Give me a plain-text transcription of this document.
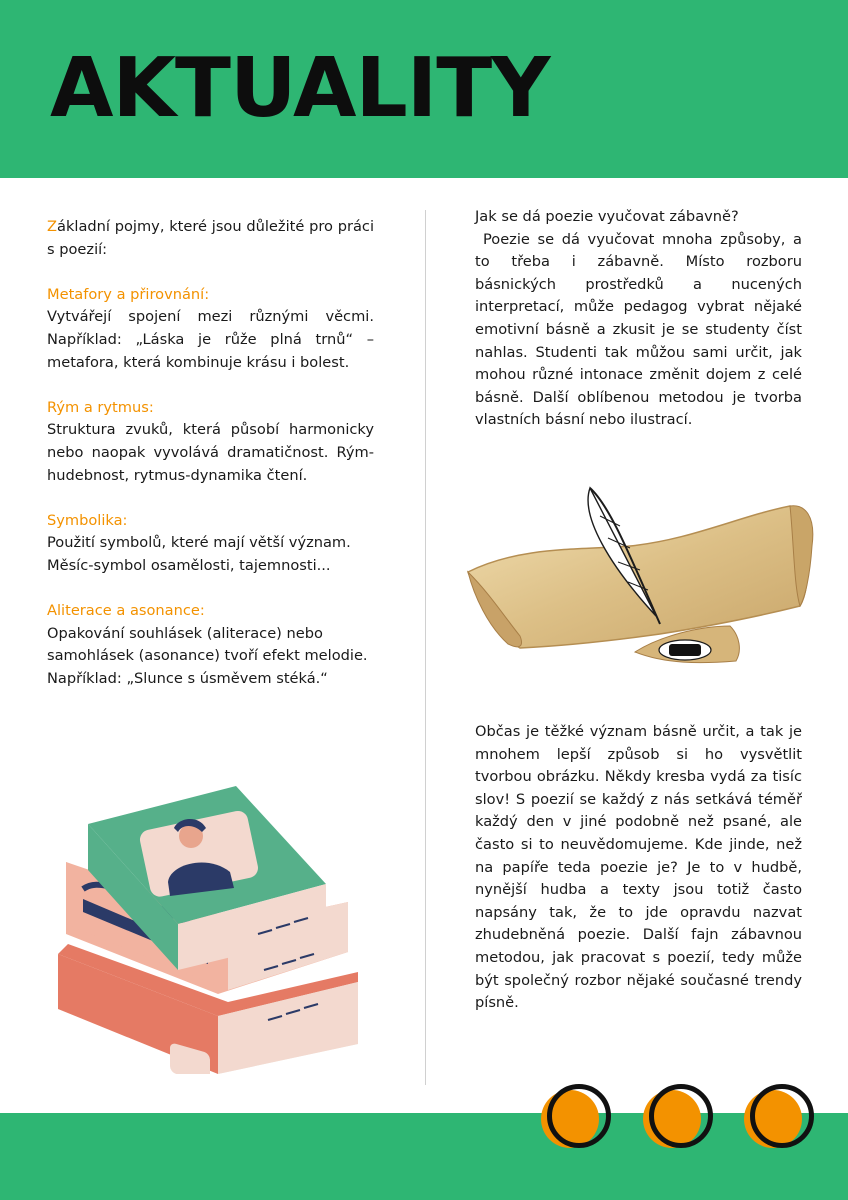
AKTUALITY

Základní pojmy, které jsou důležité pro práci s poezií:

Metafory a přirovnání:

Vytvářejí spojení mezi různými věcmi. Například: „Láska je růže plná trnů“ – metafora, která kombinuje krásu i bolest.

Rým a rytmus:

Struktura zvuků, která působí harmonicky nebo naopak vyvolává dramatičnost. Rým-hudebnost, rytmus-dynamika čtení.

Symbolika:

Použití symbolů, které mají větší význam.

Měsíc-symbol osamělosti, tajemnosti...

Aliterace a asonance:

Opakování souhlásek (aliterace) nebo samohlásek (asonance) tvoří efekt melodie. Například: „Slunce s úsměvem stéká.“

Jak se dá poezie vyučovat zábavně?

Poezie se dá vyučovat mnoha způsoby, a to třeba i zábavně. Místo rozboru básnických prostředků a nucených interpretací, může pedagog vybrat nějaké emotivní básně a zkusit je se studenty číst nahlas. Studenti tak můžou sami určit, jak mohou různé intonace změnit dojem z celé básně. Další oblíbenou metodou je tvorba vlastních básní nebo ilustrací.

Občas je těžké význam básně určit, a tak je mnohem lepší způsob si ho vysvětlit tvorbou obrázku. Někdy kresba vydá za tisíc slov! S poezií se každý z nás setkává téměř každý den v jiné podobně než psané, ale často si to neuvědomujeme. Kde jinde, než na papíře teda poezie je? Je to v hudbě, nynější hudba a texty jsou totiž často napsány tak, že to jde opravdu nazvat zhudebněná poezie. Další fajn zábavnou metodou, jak pracovat s poezií, tedy může být společný rozbor nějaké současné trendy písně.
